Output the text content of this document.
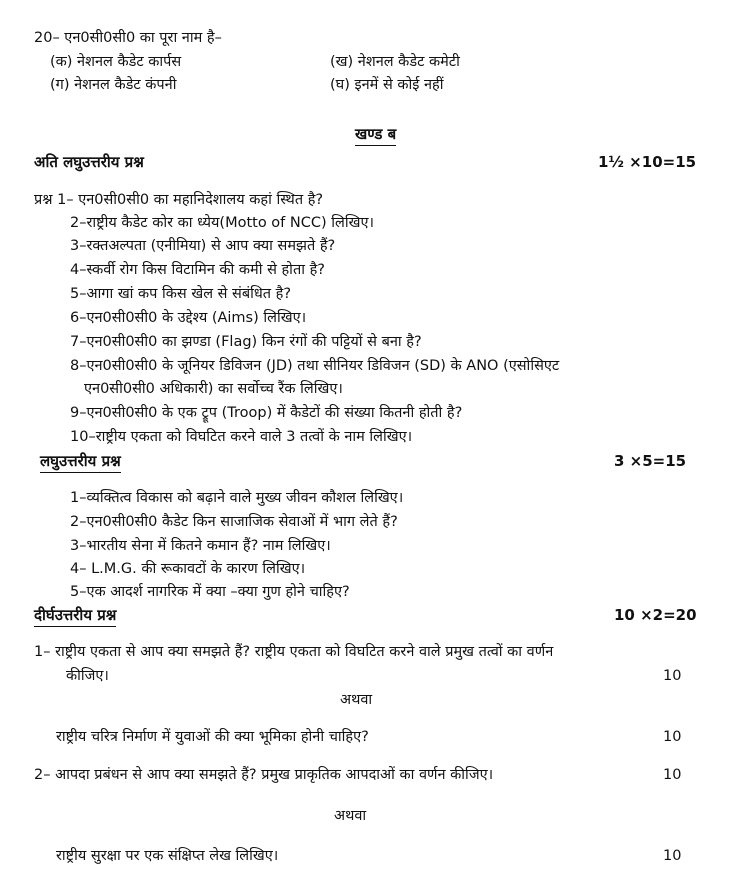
20– एन0सी0सी0 का पूरा नाम है–
(क) नेशनल कैडेट कार्पस	(ख) नेशनल कैडेट कमेटी
(ग) नेशनल कैडेट कंपनी	(घ) इनमें से कोई नहीं
खण्ड ब
अति लघुउत्तरीय प्रश्न	1½ ×10=15
प्रश्न 1– एन0सी0सी0 का महानिदेशालय कहां स्थित है?
2–राष्ट्रीय कैडेट कोर का ध्येय(Motto of NCC) लिखिए।
3–रक्तअल्पता (एनीमिया) से आप क्या समझते हैं?
4–स्कर्वी रोग किस विटामिन की कमी से होता है?
5–आगा खां कप किस खेल से संबंधित है?
6–एन0सी0सी0 के उद्देश्य (Aims) लिखिए।
7–एन0सी0सी0 का झण्डा (Flag) किन रंगों की पट्टियों से बना है?
8–एन0सी0सी0 के जूनियर डिविजन (JD) तथा सीनियर डिविजन (SD) के ANO (एसोसिएट
एन0सी0सी0 अधिकारी) का सर्वोच्च रैंक लिखिए।
9–एन0सी0सी0 के एक ट्रूप (Troop) में कैडेटों की संख्या कितनी होती है?
10–राष्ट्रीय एकता को विघटित करने वाले 3 तत्वों के नाम लिखिए।
लघुउत्तरीय प्रश्न	3 ×5=15
1–व्यक्तित्व विकास को बढ़ाने वाले मुख्य जीवन कौशल लिखिए।
2–एन0सी0सी0 कैडेट किन साजाजिक सेवाओं में भाग लेते हैं?
3–भारतीय सेना में कितने कमान हैं? नाम लिखिए।
4– L.M.G. की रूकावटों के कारण लिखिए।
5–एक आदर्श नागरिक में क्या –क्या गुण होने चाहिए?
दीर्घउत्तरीय प्रश्न	10 ×2=20
1– राष्ट्रीय एकता से आप क्या समझते हैं? राष्ट्रीय एकता को विघटित करने वाले प्रमुख तत्वों का वर्णन
कीजिए।	10
अथवा
राष्ट्रीय चरित्र निर्माण में युवाओं की क्या भूमिका होनी चाहिए?	10
2– आपदा प्रबंधन से आप क्या समझते हैं? प्रमुख प्राकृतिक आपदाओं का वर्णन कीजिए।	10
अथवा
राष्ट्रीय सुरक्षा पर एक संक्षिप्त लेख लिखिए।	10
